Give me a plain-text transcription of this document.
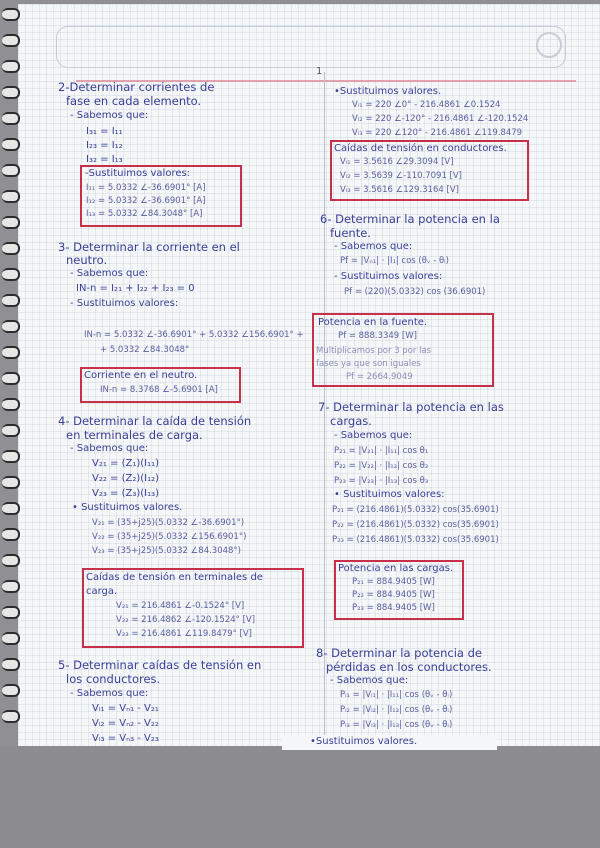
1
2-Determinar corrientes de
fase en cada elemento.
- Sabemos que:
I₃₁ = I₁₁
I₂₃ = I₁₂
I₃₂ = I₁₃
-Sustituimos valores:
I₁₁ = 5.0332 ∠-36.6901° [A]
I₁₂ = 5.0332 ∠-36.6901° [A]
I₁₃ = 5.0332 ∠84.3048° [A]
3- Determinar la corriente en el
neutro.
- Sabemos que:
IN-n = I₂₁ + I₂₂ + I₂₃ = 0
- Sustituimos valores:
IN-n = 5.0332 ∠-36.6901° + 5.0332 ∠156.6901° +
+ 5.0332 ∠84.3048°
Corriente en el neutro.
IN-n = 8.3768 ∠-5.6901 [A]
4- Determinar la caída de tensión
en terminales de carga.
- Sabemos que:
V₂₁ = (Z₁)(I₁₁)
V₂₂ = (Z₂)(I₁₂)
V₂₃ = (Z₃)(I₁₃)
• Sustituimos valores.
V₂₁ = (35+j25)(5.0332 ∠-36.6901°)
V₂₂ = (35+j25)(5.0332 ∠156.6901°)
V₂₃ = (35+j25)(5.0332 ∠84.3048°)
Caídas de tensión en terminales de
carga.
V₂₁ = 216.4861 ∠-0.1524° [V]
V₂₂ = 216.4862 ∠-120.1524° [V]
V₂₃ = 216.4861 ∠119.8479° [V]
5- Determinar caídas de tensión en
los conductores.
- Sabemos que:
Vₗ₁ = Vₙ₁ - V₂₁
Vₗ₂ = Vₙ₂ - V₂₂
Vₗ₃ = Vₙ₃ - V₂₃
•Sustituimos valores.
Vₗ₁ = 220 ∠0° - 216.4861 ∠0.1524
Vₗ₂ = 220 ∠-120° - 216.4861 ∠-120.1524
Vₗ₃ = 220 ∠120° - 216.4861 ∠119.8479
Caídas de tensión en conductores.
Vₗ₁ = 3.5616 ∠29.3094 [V]
Vₗ₂ = 3.5639 ∠-110.7091 [V]
Vₗ₃ = 3.5616 ∠129.3164 [V]
6- Determinar la potencia en la
fuente.
- Sabemos que:
Pf = |Vₙ₁| · |I₁| cos (θᵥ - θᵢ)
- Sustituimos valores:
Pf = (220)(5.0332) cos (36.6901)
Potencia en la fuente.
Pf = 888.3349 [W]
Multiplicamos por 3 por las
fases ya que son iguales
Pf = 2664.9049
7- Determinar la potencia en las
cargas.
- Sabemos que:
P₂₁ = |V₂₁| · |I₁₁| cos θ₁
P₂₂ = |V₂₂| · |I₁₂| cos θ₂
P₂₃ = |V₂₃| · |I₁₃| cos θ₃
• Sustituimos valores:
P₂₁ = (216.4861)(5.0332) cos(35.6901)
P₂₂ = (216.4861)(5.0332) cos(35.6901)
P₂₃ = (216.4861)(5.0332) cos(35.6901)
Potencia en las cargas.
P₂₁ = 884.9405 [W]
P₂₂ = 884.9405 [W]
P₂₃ = 884.9405 [W]
8- Determinar la potencia de
pérdidas en los conductores.
- Sabemos que:
Pₗ₁ = |Vₗ₁| · |I₁₁| cos (θᵥ - θᵢ)
Pₗ₂ = |Vₗ₂| · |I₁₂| cos (θᵥ - θᵢ)
Pₗ₃ = |Vₗ₃| · |I₁₃| cos (θᵥ - θᵢ)
•Sustituimos valores.
